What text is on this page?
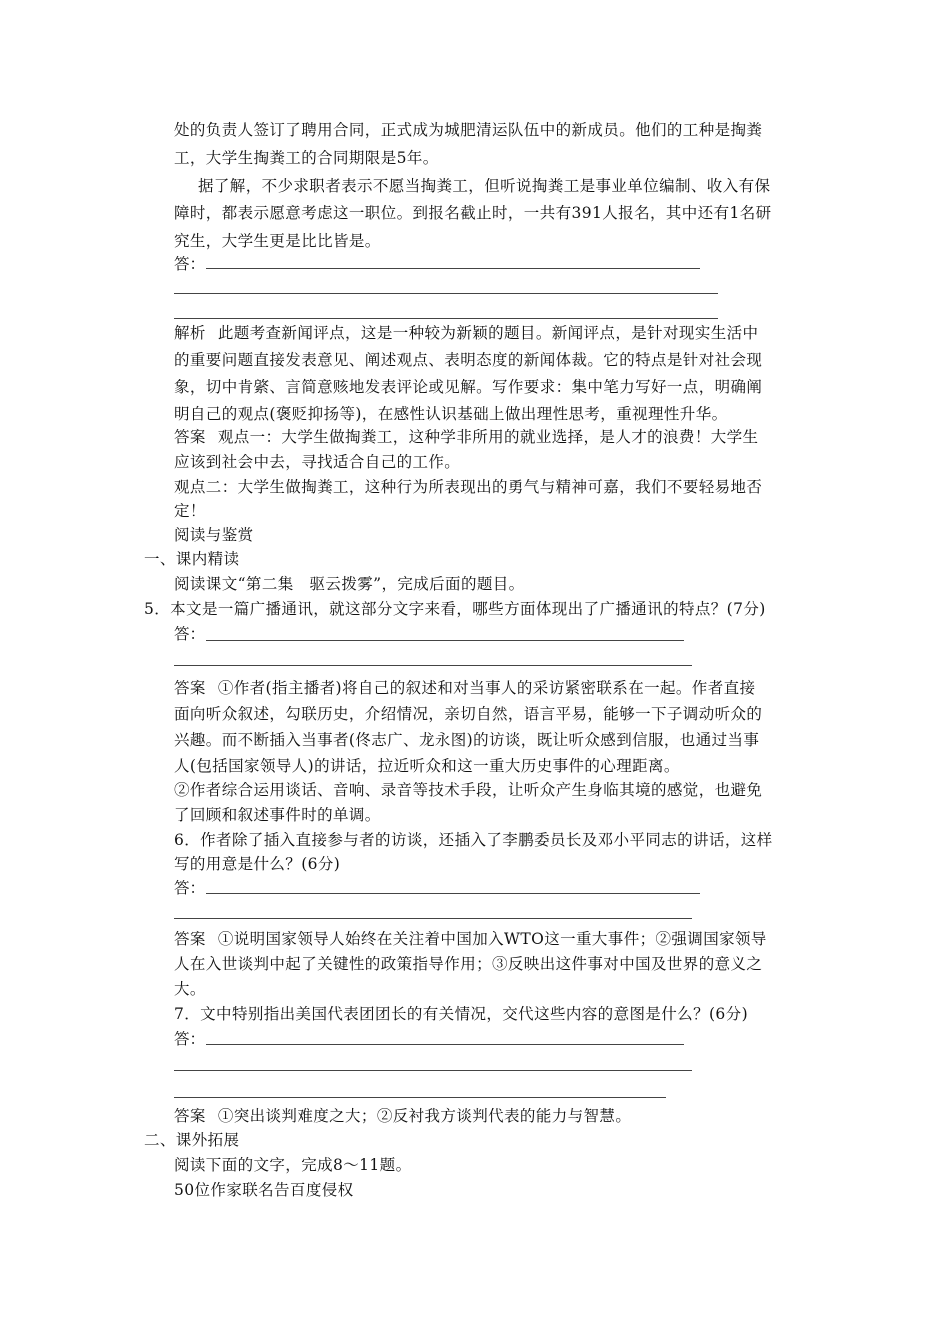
处的负责人签订了聘用合同，正式成为城肥清运队伍中的新成员。他们的工种是掏粪
工，大学生掏粪工的合同期限是5年。
据了解，不少求职者表示不愿当掏粪工，但听说掏粪工是事业单位编制、收入有保
障时，都表示愿意考虑这一职位。到报名截止时，一共有391人报名，其中还有1名研
究生，大学生更是比比皆是。
答：
解析 此题考查新闻评点，这是一种较为新颖的题目。新闻评点，是针对现实生活中
的重要问题直接发表意见、阐述观点、表明态度的新闻体裁。它的特点是针对社会现
象，切中肯綮、言简意赅地发表评论或见解。写作要求：集中笔力写好一点，明确阐
明自己的观点(褒贬抑扬等)，在感性认识基础上做出理性思考，重视理性升华。
答案 观点一：大学生做掏粪工，这种学非所用的就业选择，是人才的浪费！大学生
应该到社会中去，寻找适合自己的工作。
观点二：大学生做掏粪工，这种行为所表现出的勇气与精神可嘉，我们不要轻易地否
定！
阅读与鉴赏
一、课内精读
阅读课文“第二集　驱云拨雾”，完成后面的题目。
5．本文是一篇广播通讯，就这部分文字来看，哪些方面体现出了广播通讯的特点？(7分)
答：
答案 ①作者(指主播者)将自己的叙述和对当事人的采访紧密联系在一起。作者直接
面向听众叙述，勾联历史，介绍情况，亲切自然，语言平易，能够一下子调动听众的
兴趣。而不断插入当事者(佟志广、龙永图)的访谈，既让听众感到信服，也通过当事
人(包括国家领导人)的讲话，拉近听众和这一重大历史事件的心理距离。
②作者综合运用谈话、音响、录音等技术手段，让听众产生身临其境的感觉，也避免
了回顾和叙述事件时的单调。
6．作者除了插入直接参与者的访谈，还插入了李鹏委员长及邓小平同志的讲话，这样
写的用意是什么？(6分)
答：
答案 ①说明国家领导人始终在关注着中国加入WTO这一重大事件；②强调国家领导
人在入世谈判中起了关键性的政策指导作用；③反映出这件事对中国及世界的意义之
大。
7．文中特别指出美国代表团团长的有关情况，交代这些内容的意图是什么？(6分)
答：
答案 ①突出谈判难度之大；②反衬我方谈判代表的能力与智慧。
二、课外拓展
阅读下面的文字，完成8～11题。
50位作家联名告百度侵权
